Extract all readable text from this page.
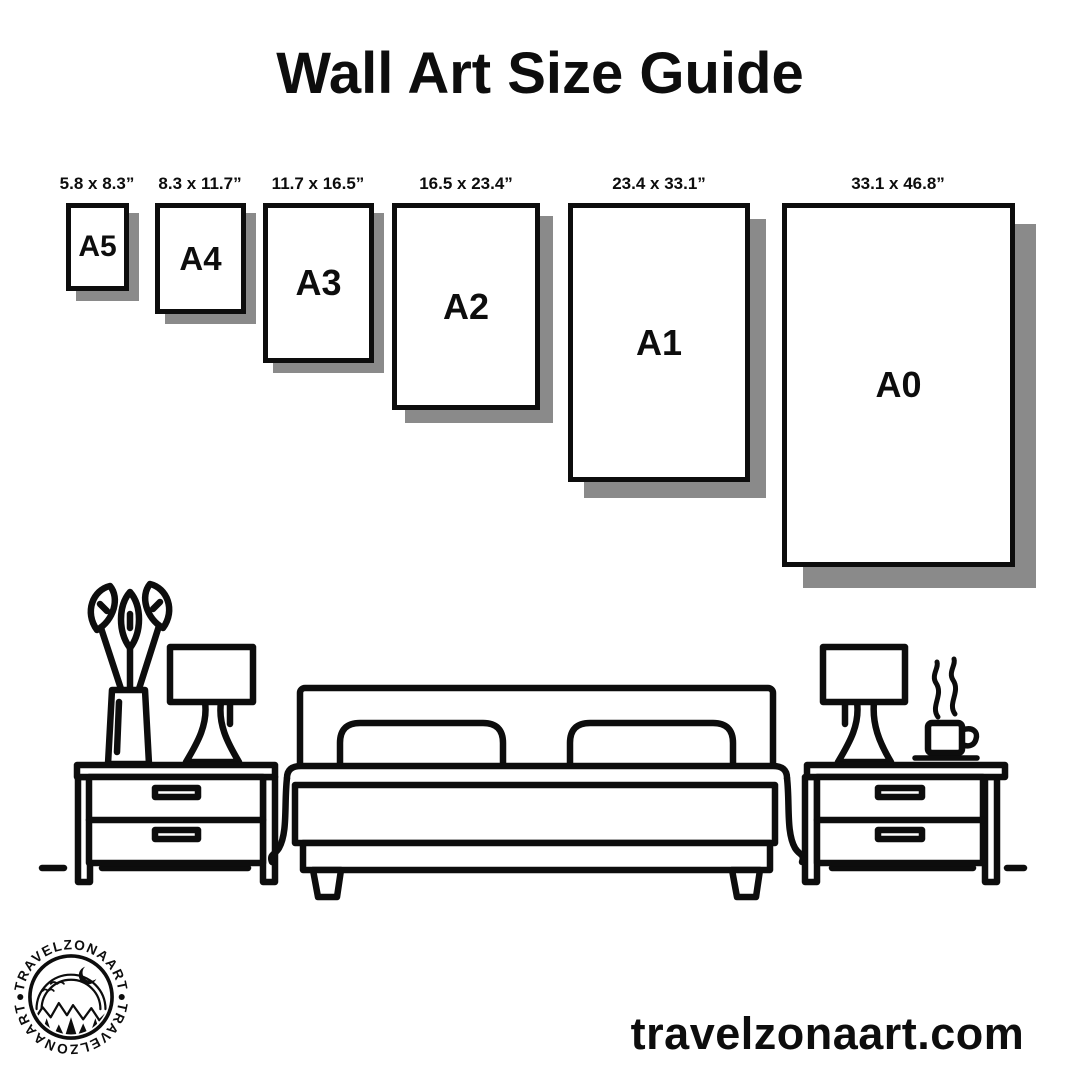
Wall Art Size Guide
5.8 x 8.3”	8.3 x 11.7”	11.7 x 16.5”	16.5 x 23.4”	23.4 x 33.1”	33.1 x 46.8”
A5 A4
A3
A2
A1
A0
TRAVELZONAART
TRAVELZONAART
travelzonaart.com
